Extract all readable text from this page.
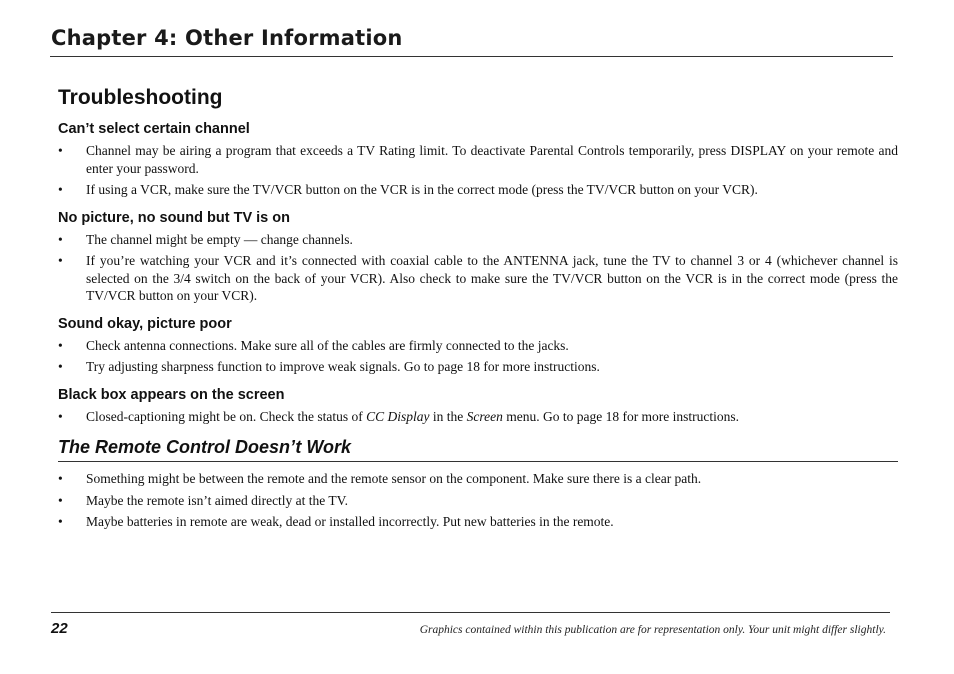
Chapter 4: Other Information
Troubleshooting
Can’t select certain channel
• Channel may be airing a program that exceeds a TV Rating limit. To deactivate Parental Controls temporarily, press DISPLAY on your remote and enter your password.
• If using a VCR, make sure the TV/VCR button on the VCR is in the correct mode (press the TV/VCR button on your VCR).
No picture, no sound but TV is on
• The channel might be empty — change channels.
• If you’re watching your VCR and it’s connected with coaxial cable to the ANTENNA jack, tune the TV to channel 3 or 4 (whichever channel is selected on the 3/4 switch on the back of your VCR). Also check to make sure the TV/VCR button on the VCR is in the correct mode (press the TV/VCR button on your VCR).
Sound okay, picture poor
• Check antenna connections. Make sure all of the cables are firmly connected to the jacks.
• Try adjusting sharpness function to improve weak signals. Go to page 18 for more instructions.
Black box appears on the screen
• Closed-captioning might be on. Check the status of CC Display in the Screen menu. Go to page 18 for more instructions.
The Remote Control Doesn’t Work
• Something might be between the remote and the remote sensor on the component. Make sure there is a clear path.
• Maybe the remote isn’t aimed directly at the TV.
• Maybe batteries in remote are weak, dead or installed incorrectly. Put new batteries in the remote.
22	Graphics contained within this publication are for representation only. Your unit might differ slightly.
